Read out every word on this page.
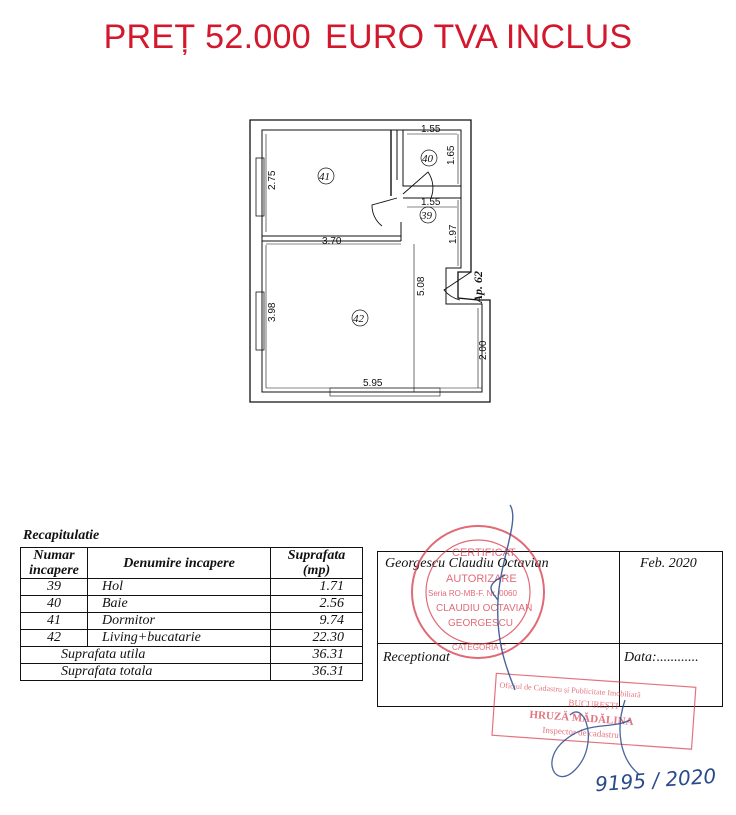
PREȚ 52.000 EURO TVA INCLUS
1.55
1.65
2.75
1.55
1.97
3.70
5.08
3.98
2.00
5.95
41
40
39
42
Ap. 62
Recapitulatie
Numar incapere	Denumire incapere	Suprafata (mp)
39	Hol	1.71
40	Baie	2.56
41	Dormitor	9.74
42	Living+bucatarie	22.30
Suprafata utila		36.31
Suprafata totala		36.31
Georgescu Claudiu Octavian	Feb. 2020
Receptionat	Data:............
CERTIFICAT
AUTORIZARE
Seria RO-MB-F. Nr. 0060
CLAUDIU OCTAVIAN
GEORGESCU
CATEGORIA C
Oficiul de Cadastru și Publicitate Imobiliară
BUCUREȘTI
HRUZĂ MĂDĂLINA
Inspector de cadastru
9195 / 2020
